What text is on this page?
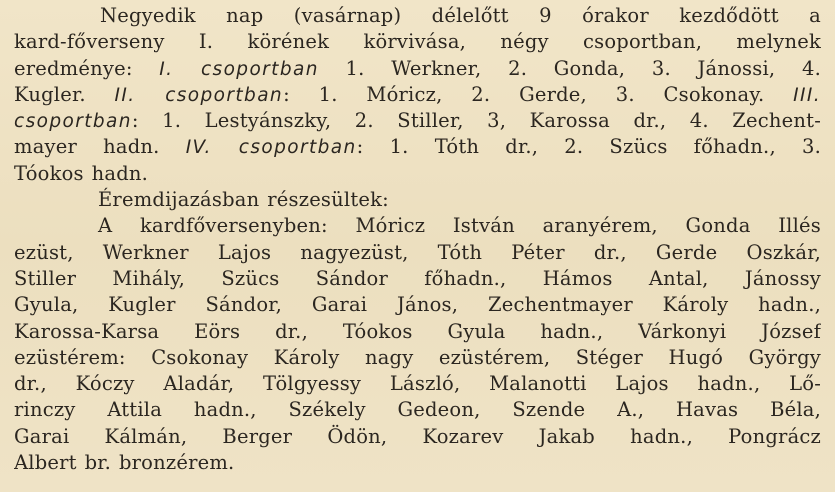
Negyedik nap (vasárnap) délelőtt 9 órakor kezdődött a
kard-főverseny I. körének körvivása, négy csoportban, melynek
eredménye: I. csoportban 1. Werkner, 2. Gonda, 3. Jánossi, 4.
Kugler. II. csoportban: 1. Móricz, 2. Gerde, 3. Csokonay. III.
csoportban: 1. Lestyánszky, 2. Stiller, 3, Karossa dr., 4. Zechent-
mayer hadn. IV. csoportban: 1. Tóth dr., 2. Szücs főhadn., 3.
Tóokos hadn.
Éremdijazásban részesültek:
A kardfőversenyben: Móricz István aranyérem, Gonda Illés
ezüst, Werkner Lajos nagyezüst, Tóth Péter dr., Gerde Oszkár,
Stiller Mihály, Szücs Sándor főhadn., Hámos Antal, Jánossy
Gyula, Kugler Sándor, Garai János, Zechentmayer Károly hadn.,
Karossa-Karsa Eörs dr., Tóokos Gyula hadn., Várkonyi József
ezüstérem: Csokonay Károly nagy ezüstérem, Stéger Hugó György
dr., Kóczy Aladár, Tölgyessy László, Malanotti Lajos hadn., Lő-
rinczy Attila hadn., Székely Gedeon, Szende A., Havas Béla,
Garai Kálmán, Berger Ödön, Kozarev Jakab hadn., Pongrácz
Albert br. bronzérem.
